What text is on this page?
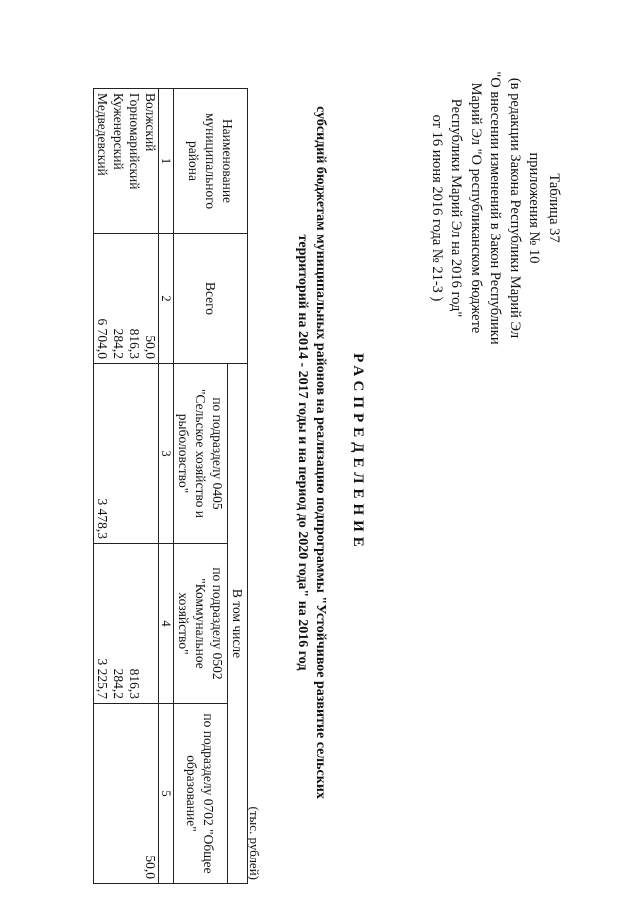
Таблица 37
приложения № 10
(в редакции Закона Республики Марий Эл
"О внесении изменений в Закон Республики
Марий Эл "О республиканском бюджете
Республики Марий Эл на 2016 год"
от 16 июня 2016 года № 21-З )
РАСПРЕДЕЛЕНИЕ
субсидий бюджетам муниципальных районов на реализацию подпрограммы "Устойчивое развитие сельских
территорий на 2014 - 2017 годы и на период до 2020 года" на 2016 год
(тыс. рублей)
Наименование муниципального района	Всего	В том числе		
		по подразделу 0405 "Сельское хозяйство и рыболовство"	по подразделу 0502 "Коммунальное хозяйство"	по подразделу 0702 "Общее образование"
1	2	3	4	5
Волжский	50,0			50,0
Горномарийский	816,3		816,3	
Куженерский	284,2		284,2	
Медведевский	6 704,0	3 478,3	3 225,7	
